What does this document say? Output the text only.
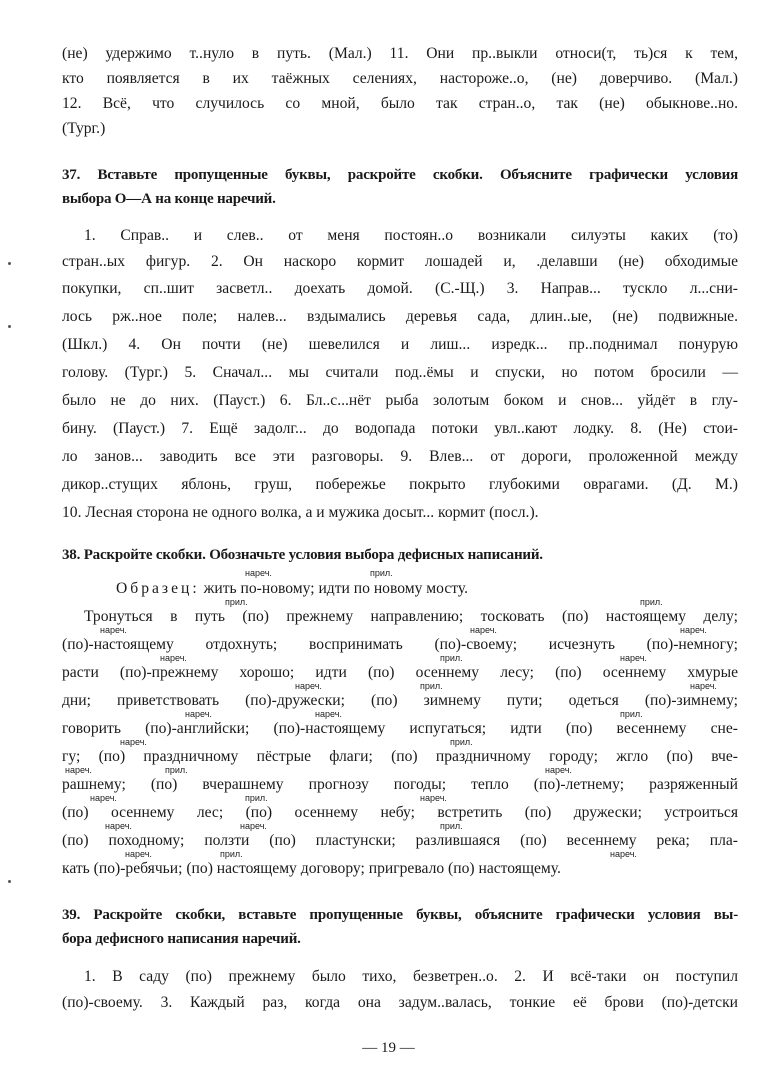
(не) удержимо т..нуло в путь. (Мал.) 11. Они пр..выкли относи(т, ть)ся к тем,
кто появляется в их таёжных селениях, настороже..о, (не) доверчиво. (Мал.)
12. Всё, что случилось со мной, было так стран..о, так (не) обыкнове..но.
(Тург.)
37. Вставьте пропущенные буквы, раскройте скобки. Объясните графически условия
выбора О—А на конце наречий.
1. Справ.. и слев.. от меня постоян..о возникали силуэты каких (то)
стран..ых фигур. 2. Он наскоро кормит лошадей и, .делавши (не) обходимые
покупки, сп..шит засветл.. доехать домой. (С.-Щ.) 3. Направ... тускло л...сни-
лось рж..ное поле; налев... вздымались деревья сада, длин..ые, (не) подвижные.
(Шкл.) 4. Он почти (не) шевелился и лиш... изредк... пр..поднимал понурую
голову. (Тург.) 5. Сначал... мы считали под..ёмы и спуски, но потом бросили —
было не до них. (Пауст.) 6. Бл..с...нёт рыба золотым боком и снов... уйдёт в глу-
бину. (Пауст.) 7. Ещё задолг... до водопада потоки увл..кают лодку. 8. (Не) стои-
ло занов... заводить все эти разговоры. 9. Влев... от дороги, проложенной между
дикор..стущих яблонь, груш, побережье покрыто глубокими оврагами. (Д. М.)
10. Лесная сторона не одного волка, а и мужика досыт... кормит (посл.).
38. Раскройте скобки. Обозначьте условия выбора дефисных написаний.
нареч.	прил.
Образец: жить по-новому; идти по новому мосту.
Тронуться в путь (по) прежнему направлению; тосковать (по) настоящему делу;
прил.	прил.
(по)-настоящему отдохнуть; воспринимать (по)-своему; исчезнуть (по)-немногу;
нареч.	нареч.	нареч.
расти (по)-прежнему хорошо; идти (по) осеннему лесу; (по) осеннему хмурые
нареч.	прил.	нареч.
дни; приветствовать (по)-дружески; (по) зимнему пути; одеться (по)-зимнему;
нареч.	прил.	нареч.
говорить (по)-английски; (по)-настоящему испугаться; идти (по) весеннему сне-
нареч.	нареч.	прил.
гу; (по) праздничному пёстрые флаги; (по) праздничному городу; жгло (по) вче-
нареч.	прил.
рашнему; (по) вчерашнему прогнозу погоды; тепло (по)-летнему; разряженный
нареч.	прил.	нареч.
(по) осеннему лес; (по) осеннему небу; встретить (по) дружески; устроиться
нареч.	прил.	нареч.
(по) походному; ползти (по) пластунски; разлившаяся (по) весеннему река; пла-
нареч.	нареч.	прил.
кать (по)-ребячьи; (по) настоящему договору; пригревало (по) настоящему.
нареч.	прил.	нареч.
39. Раскройте скобки, вставьте пропущенные буквы, объясните графически условия вы-
бора дефисного написания наречий.
1. В саду (по) прежнему было тихо, безветрен..о. 2. И всё-таки он поступил
(по)-своему. 3. Каждый раз, когда она задум..валась, тонкие её брови (по)-детски
— 19 —
